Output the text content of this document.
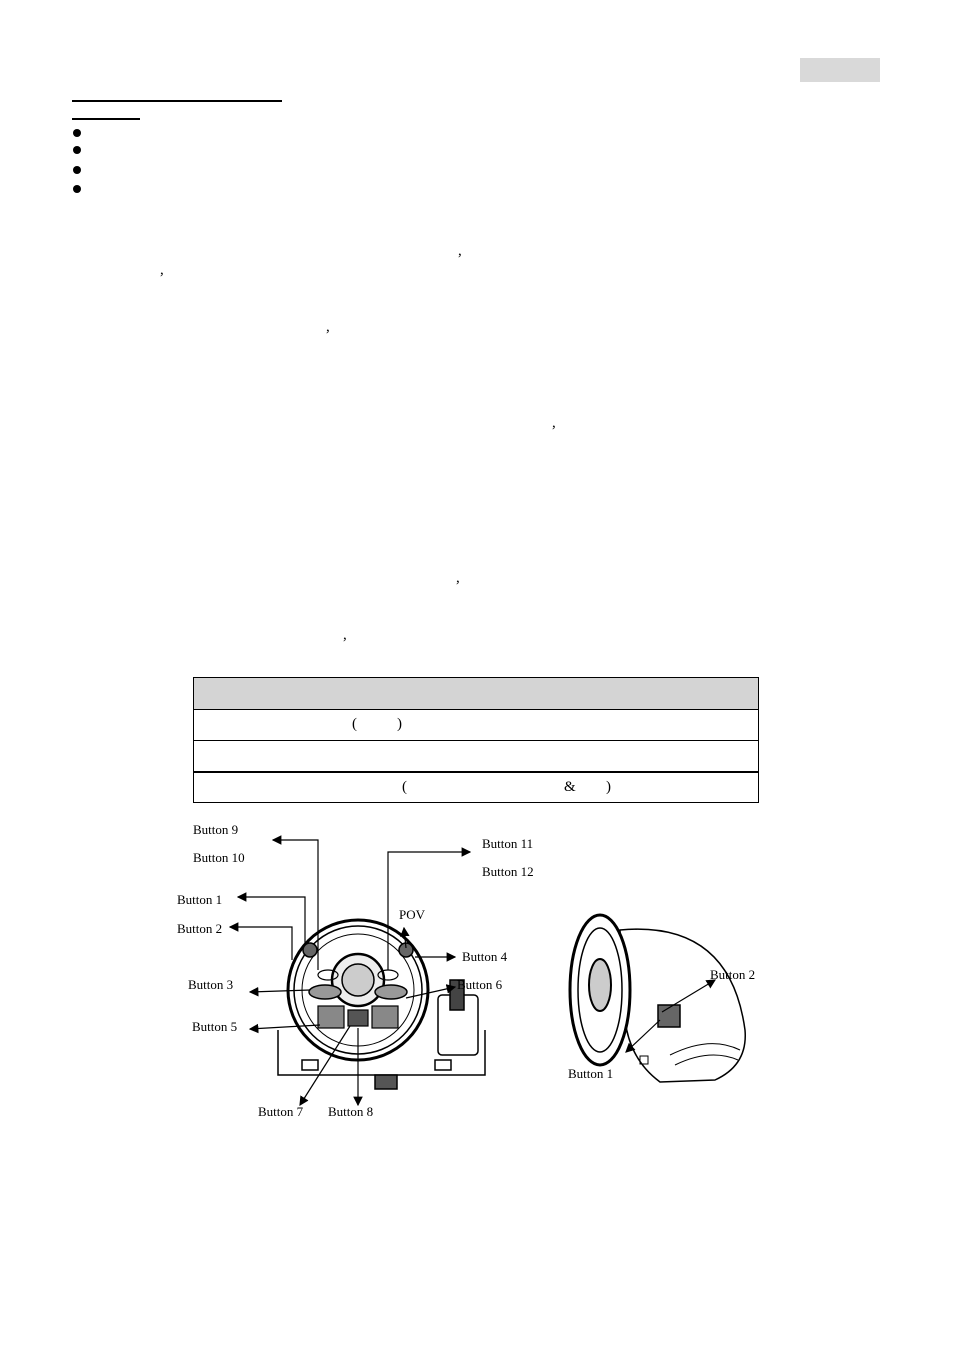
,
,
,
,
,
,
(	)
(	& )
Button 9
Button 10
Button 11
Button 12
Button 1
Button 2
POV
Button 4
Button 3	Button 6
Button 5
Button 7 Button 8
Button 2
Button 1
